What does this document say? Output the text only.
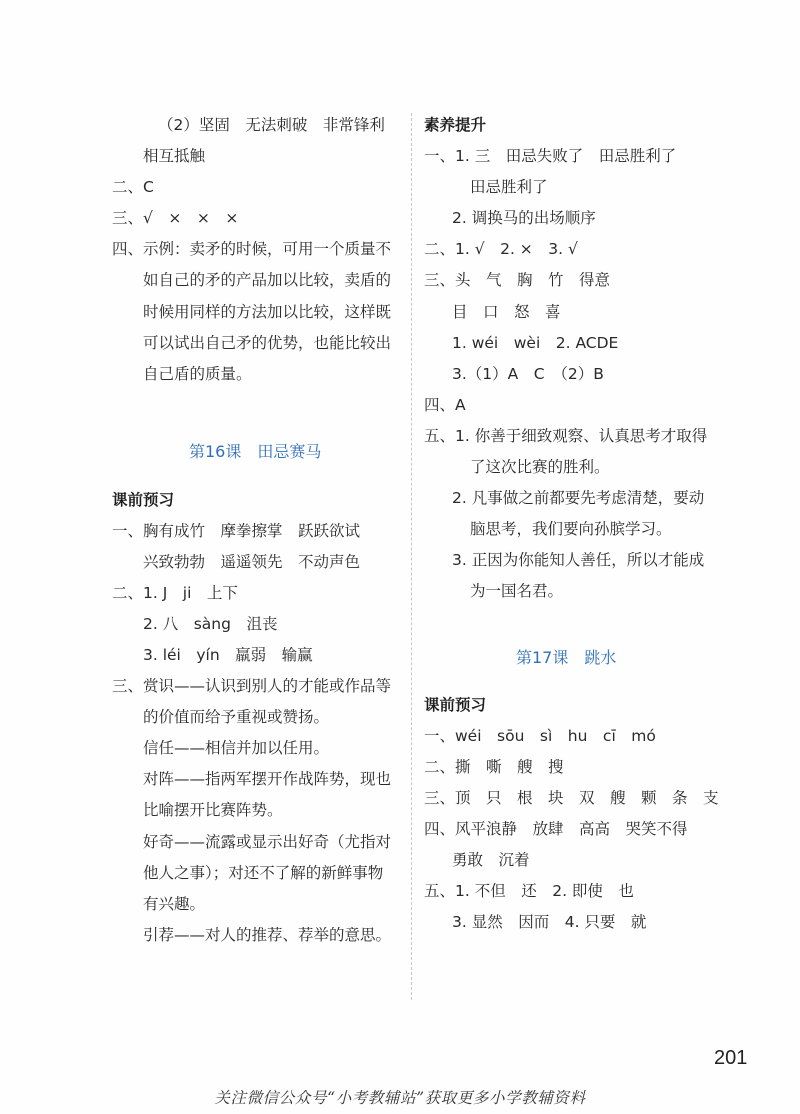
（2）坚固　无法刺破　非常锋利
相互抵触
二、C
三、√　×　×　×
四、示例：卖矛的时候，可用一个质量不
如自己的矛的产品加以比较，卖盾的
时候用同样的方法加以比较，这样既
可以试出自己矛的优势，也能比较出
自己盾的质量。
第16课　田忌赛马
课前预习
一、胸有成竹　摩拳擦掌　跃跃欲试
兴致勃勃　遥遥领先　不动声色
二、1. J　ji　上下
2. 八　sàng　沮丧
3. léi　yín　羸弱　输赢
三、赏识——认识到别人的才能或作品等
的价值而给予重视或赞扬。
信任——相信并加以任用。
对阵——指两军摆开作战阵势，现也
比喻摆开比赛阵势。
好奇——流露或显示出好奇（尤指对
他人之事）；对还不了解的新鲜事物
有兴趣。
引荐——对人的推荐、荐举的意思。
素养提升
一、1. 三　田忌失败了　田忌胜利了
田忌胜利了
2. 调换马的出场顺序
二、1. √　2. ×　3. √
三、头　气　胸　竹　得意
目　口　怒　喜
1. wéi　wèi　2. ACDE
3.（1）A　C　（2）B
四、A
五、1. 你善于细致观察、认真思考才取得
了这次比赛的胜利。
2. 凡事做之前都要先考虑清楚，要动
脑思考，我们要向孙膑学习。
3. 正因为你能知人善任，所以才能成
为一国名君。
第17课　跳水
课前预习
一、wéi　sōu　sì　hu　cī　mó
二、撕　嘶　艘　搜
三、顶　只　根　块　双　艘　颗　条　支
四、风平浪静　放肆　高高　哭笑不得
勇敢　沉着
五、1. 不但　还　2. 即使　也
3. 显然　因而　4. 只要　就
201
关注微信公众号“小考教辅站”获取更多小学教辅资料
